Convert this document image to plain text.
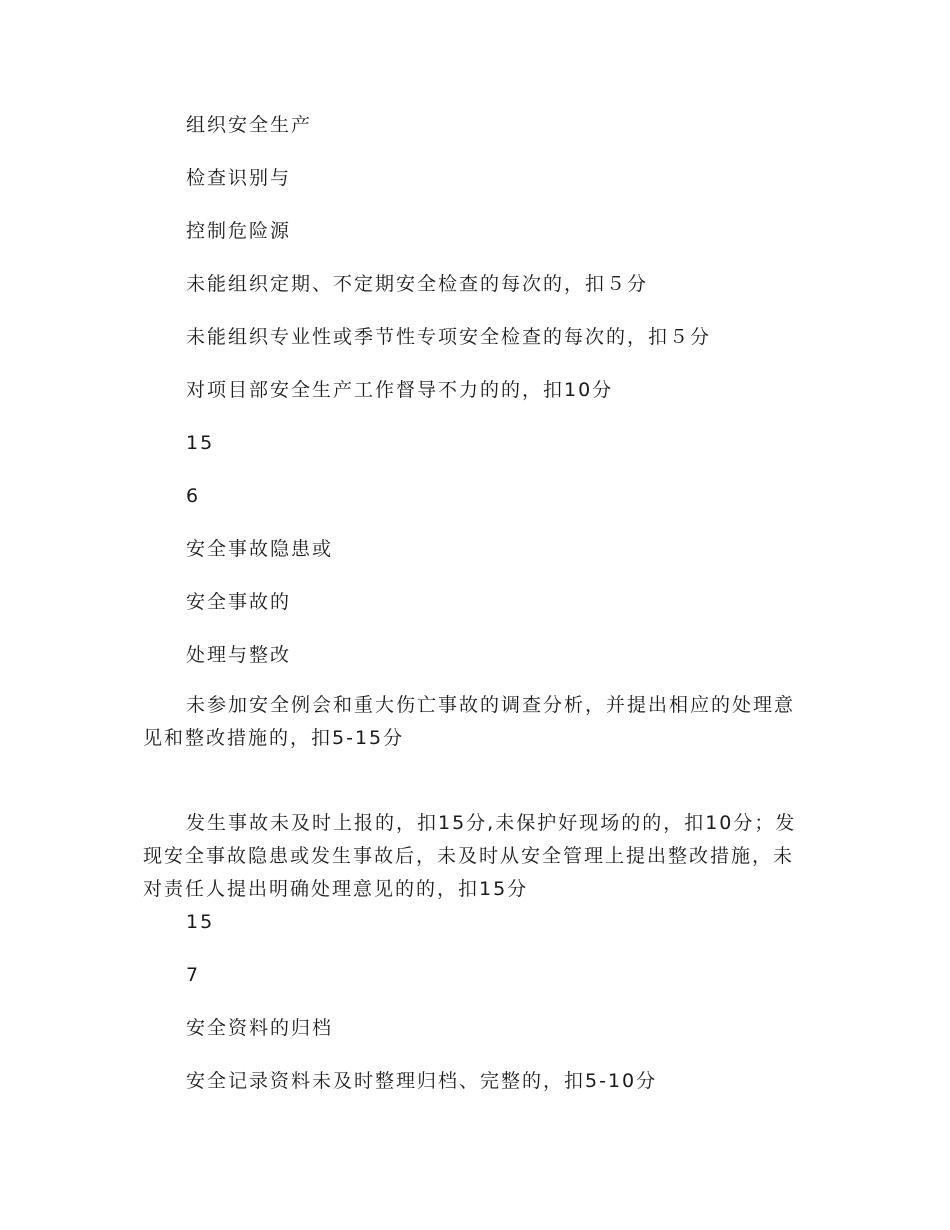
组织安全生产
检查识别与
控制危险源
未能组织定期、不定期安全检查的每次的，扣５分
未能组织专业性或季节性专项安全检查的每次的，扣５分
对项目部安全生产工作督导不力的的，扣10分
15
6
安全事故隐患或
安全事故的
处理与整改
未参加安全例会和重大伤亡事故的调查分析，并提出相应的处理意见和整改措施的，扣5-15分
发生事故未及时上报的，扣15分,未保护好现场的的，扣10分；发现安全事故隐患或发生事故后，未及时从安全管理上提出整改措施，未对责任人提出明确处理意见的的，扣15分
15
7
安全资料的归档
安全记录资料未及时整理归档、完整的，扣5-10分
